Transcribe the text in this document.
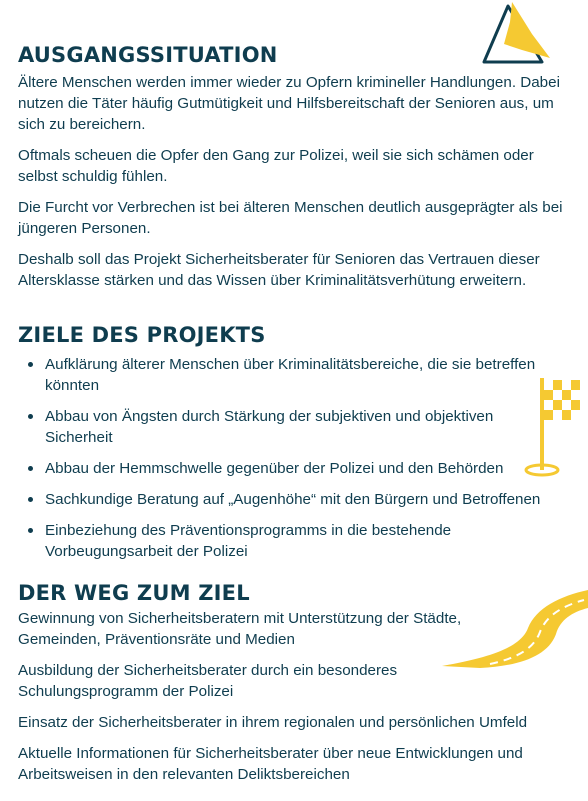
AUSGANGSSITUATION

Ältere Menschen werden immer wieder zu Opfern krimineller Handlungen. Dabei nutzen die Täter häufig Gutmütigkeit und Hilfsbereitschaft der Senioren aus, um sich zu bereichern.

Oftmals scheuen die Opfer den Gang zur Polizei, weil sie sich schämen oder selbst schuldig fühlen.

Die Furcht vor Verbrechen ist bei älteren Menschen deutlich ausgeprägter als bei jüngeren Personen.

Deshalb soll das Projekt Sicherheitsberater für Senioren das Vertrauen dieser Altersklasse stärken und das Wissen über Kriminalitätsverhütung erweitern.

ZIELE DES PROJEKTS
Aufklärung älterer Menschen über Kriminalitätsbereiche, die sie betreffen könnten
Abbau von Ängsten durch Stärkung der subjektiven und objektiven Sicherheit
Abbau der Hemmschwelle gegenüber der Polizei und den Behörden
Sachkundige Beratung auf „Augenhöhe“ mit den Bürgern und Betroffenen
Einbeziehung des Präventionsprogramms in die bestehende Vorbeugungsarbeit der Polizei
DER WEG ZUM ZIEL

Gewinnung von Sicherheitsberatern mit Unterstützung der Städte, Gemeinden, Präventionsräte und Medien

Ausbildung der Sicherheitsberater durch ein besonderes Schulungsprogramm der Polizei

Einsatz der Sicherheitsberater in ihrem regionalen und persönlichen Umfeld

Aktuelle Informationen für Sicherheitsberater über neue Entwicklungen und Arbeitsweisen in den relevanten Deliktsbereichen
